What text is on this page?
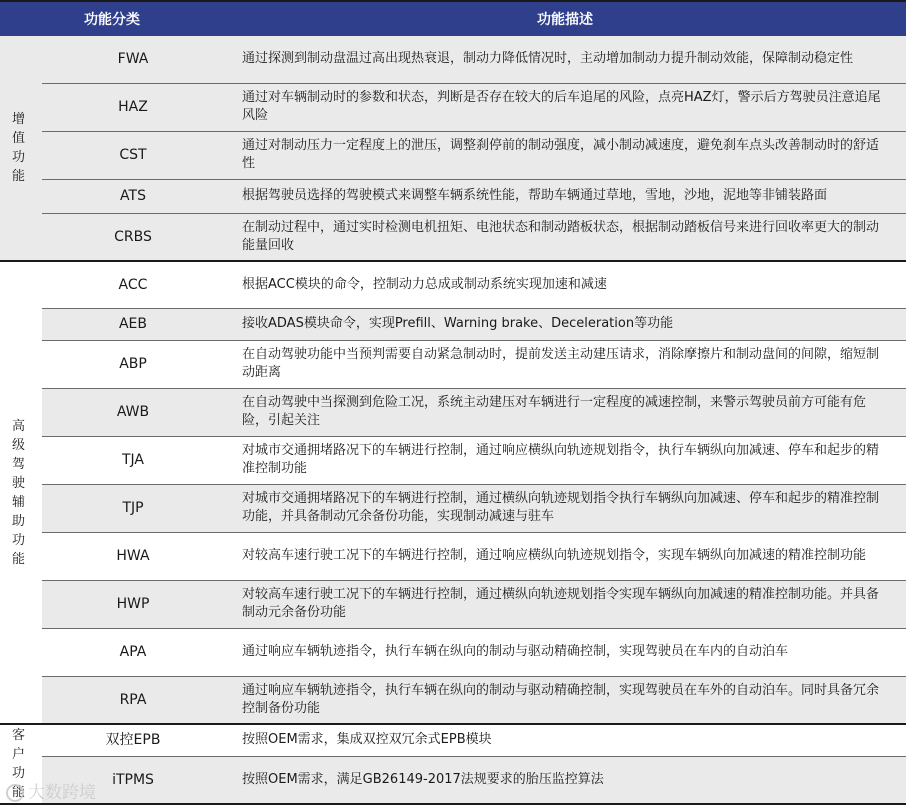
功能分类		功能描述
增值功能	FWA	通过探测到制动盘温过高出现热衰退，制动力降低情况时，主动增加制动力提升制动效能，保障制动稳定性
	HAZ	通过对车辆制动时的参数和状态，判断是否存在较大的后车追尾的风险，点亮HAZ灯，警示后方驾驶员注意追尾风险
	CST	通过对制动压力一定程度上的泄压，调整刹停前的制动强度，减小制动减速度，避免刹车点头改善制动时的舒适性
	ATS	根据驾驶员选择的驾驶模式来调整车辆系统性能，帮助车辆通过草地，雪地，沙地，泥地等非铺装路面
	CRBS	在制动过程中，通过实时检测电机扭矩、电池状态和制动踏板状态，根据制动踏板信号来进行回收率更大的制动能量回收
高级驾驶辅助功能	ACC	根据ACC模块的命令，控制动力总成或制动系统实现加速和减速
	AEB	接收ADAS模块命令，实现Prefill、Warning brake、Deceleration等功能
	ABP	在自动驾驶功能中当预判需要自动紧急制动时，提前发送主动建压请求，消除摩擦片和制动盘间的间隙，缩短制动距离
	AWB	在自动驾驶中当探测到危险工况，系统主动建压对车辆进行一定程度的减速控制，来警示驾驶员前方可能有危险，引起关注
	TJA	对城市交通拥堵路况下的车辆进行控制，通过响应横纵向轨迹规划指令，执行车辆纵向加减速、停车和起步的精准控制功能
	TJP	对城市交通拥堵路况下的车辆进行控制，通过横纵向轨迹规划指令执行车辆纵向加减速、停车和起步的精准控制功能，并具备制动冗余备份功能，实现制动减速与驻车
	HWA	对较高车速行驶工况下的车辆进行控制，通过响应横纵向轨迹规划指令，实现车辆纵向加减速的精准控制功能
	HWP	对较高车速行驶工况下的车辆进行控制，通过横纵向轨迹规划指令实现车辆纵向加减速的精准控制功能。并具备制动元余备份功能
	APA	通过响应车辆轨迹指令，执行车辆在纵向的制动与驱动精确控制，实现驾驶员在车内的自动泊车
	RPA	通过响应车辆轨迹指令，执行车辆在纵向的制动与驱动精确控制，实现驾驶员在车外的自动泊车。同时具备冗余控制备份功能
客户功能	双控EPB	按照OEM需求，集成双控双冗余式EPB模块
	iTPMS	按照OEM需求，满足GB26149-2017法规要求的胎压监控算法
大数跨境
